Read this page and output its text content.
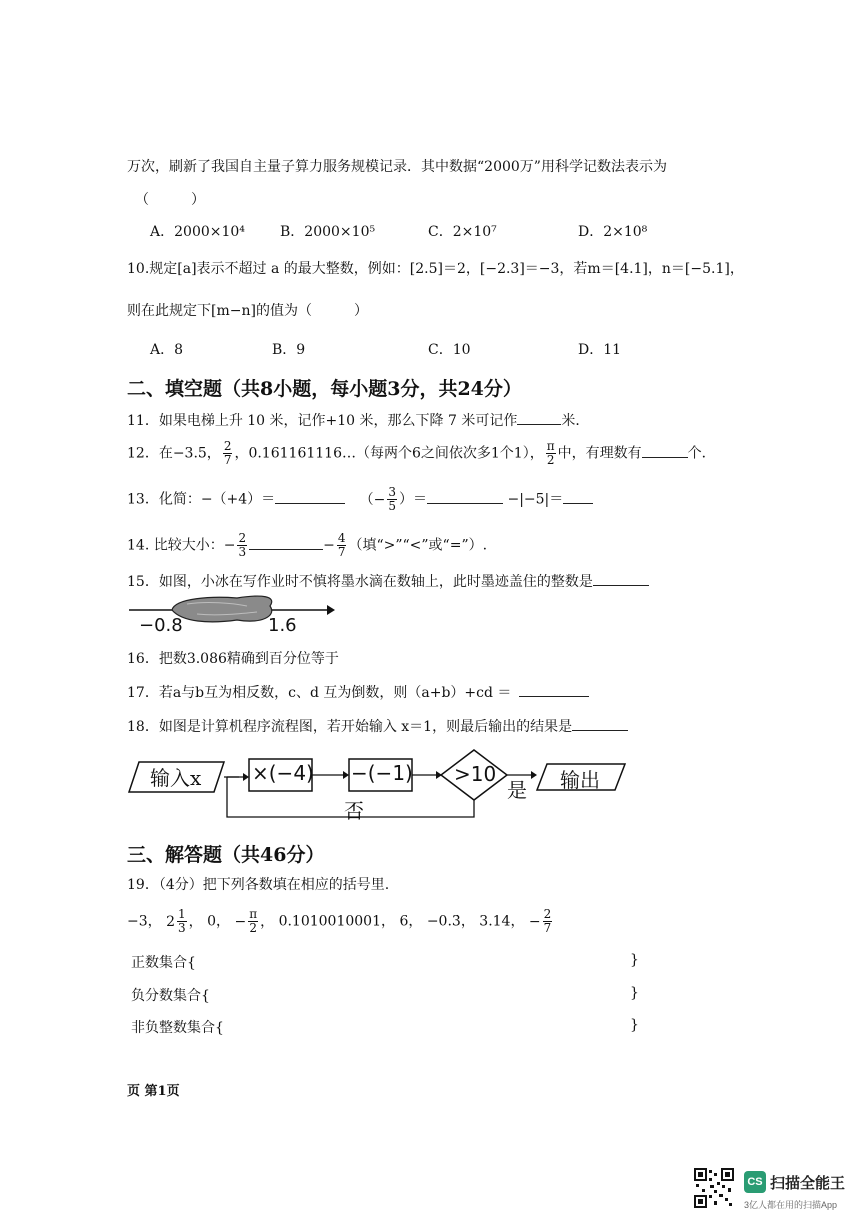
万次，刷新了我国自主量子算力服务规模记录．其中数据“2000万”用科学记数法表示为
（　　　）
A．2000×10⁴	B．2000×10⁵	C．2×10⁷	D．2×10⁸
10.规定[a]表示不超过 a 的最大整数，例如：[2.5]＝2，[−2.3]＝−3，若m＝[4.1]，n＝[−5.1]，
则在此规定下[m−n]的值为（　　　）
A．8	B．9	C．10	D．11
二、填空题（共8小题，每小题3分，共24分）
11．如果电梯上升 10 米，记作+10 米，那么下降 7 米可记作	米．
12．在−3.5， $\frac{2}{7}$ ，0.161161116…（每两个6之间依次多1个1）， $\frac{\pi}{2}$ 中，有理数有	个．
13．化简：−（+4）＝	（− $\frac{3}{5}$ ）＝	−|−5|＝
14. 比较大小：− $\frac{2}{3}$	− $\frac{4}{7}$ （填“>”“<”或“=”）.
15．如图，小冰在写作业时不慎将墨水滴在数轴上，此时墨迹盖住的整数是
−0.8	1.6
16．把数3.086精确到百分位等于
17．若a与b互为相反数，c、d 互为倒数，则（a+b）+cd ＝
18．如图是计算机程序流程图，若开始输入 x＝1，则最后输出的结果是
输入x	×(−4) −(−1) >10
是 输出
否
三、解答题（共46分）
19．（4分）把下列各数填在相应的括号里.
−3， $2 \frac{1}{3}$ ， 0， − $\frac{\pi}{2}$ ， 0.1010010001， 6， −0.3̇， 3.14， − $\frac{2}{7}$
正数集合{	}
负分数集合{	}
非负整数集合{	}
页 第1页
CS 扫描全能王
3亿人都在用的扫描App
